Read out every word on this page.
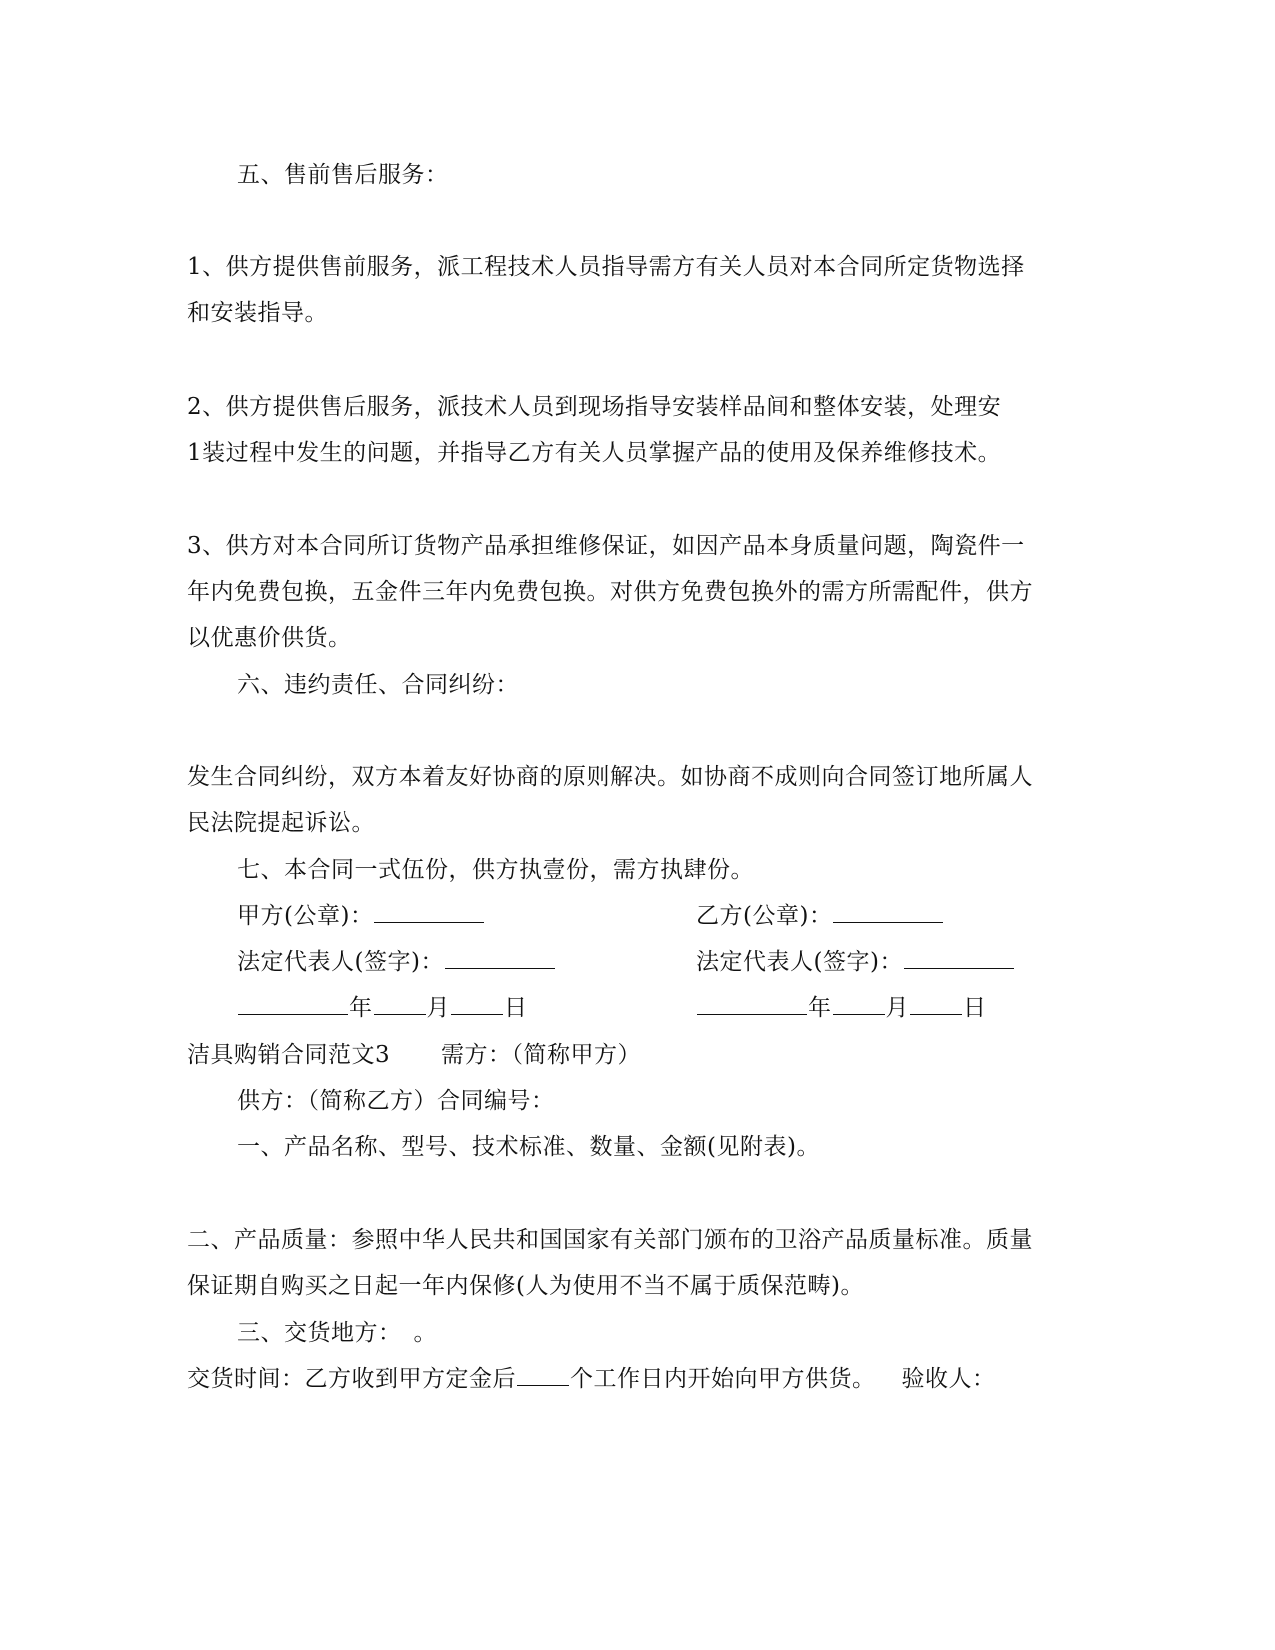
五、售前售后服务：
1、供方提供售前服务，派工程技术人员指导需方有关人员对本合同所定货物选择
和安装指导。
2、供方提供售后服务，派技术人员到现场指导安装样品间和整体安装，处理安
1装过程中发生的问题，并指导乙方有关人员掌握产品的使用及保养维修技术。
3、供方对本合同所订货物产品承担维修保证，如因产品本身质量问题，陶瓷件一
年内免费包换，五金件三年内免费包换。对供方免费包换外的需方所需配件，供方
以优惠价供货。
六、违约责任、合同纠纷：
发生合同纠纷，双方本着友好协商的原则解决。如协商不成则向合同签订地所属人
民法院提起诉讼。
七、本合同一式伍份，供方执壹份，需方执肆份。
甲方(公章)：	乙方(公章)：
法定代表人(签字)：	法定代表人(签字)：
年 月 日	年 月 日
洁具购销合同范文3 需方：（简称甲方）
供方：（简称乙方）合同编号：
一、产品名称、型号、技术标准、数量、金额(见附表)。
二、产品质量：参照中华人民共和国国家有关部门颁布的卫浴产品质量标准。质量
保证期自购买之日起一年内保修(人为使用不当不属于质保范畴)。
三、交货地方：　。
交货时间：乙方收到甲方定金后 个工作日内开始向甲方供货。 验收人：
